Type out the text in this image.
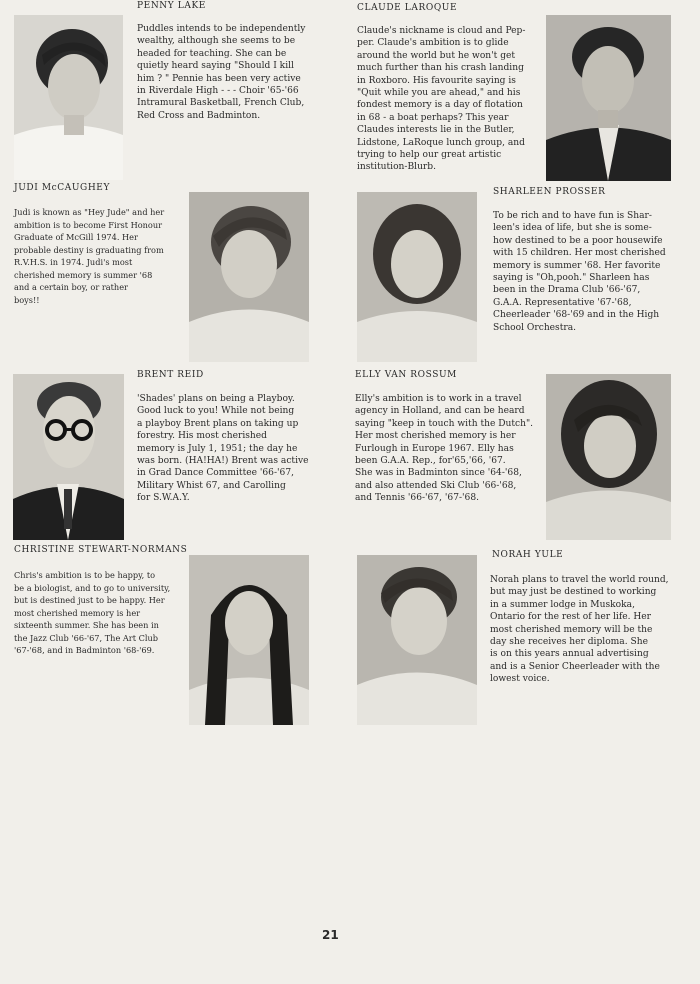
PENNY LAKE

Puddles intends to be independently
wealthy, although she seems to be
headed for teaching. She can be
quietly heard saying "Should I kill
him ? " Pennie has been very active
in Riverdale High - - - Choir '65-'66
Intramural Basketball, French Club,
Red Cross and Badminton.

CLAUDE LAROQUE

Claude's nickname is cloud and Pep-
per. Claude's ambition is to glide
around the world but he won't get
much further than his crash landing
in Roxboro. His favourite saying is
"Quit while you are ahead," and his
fondest memory is a day of flotation
in 68 - a boat perhaps? This year
Claudes interests lie in the Butler,
Lidstone, LaRoque lunch group, and
trying to help our great artistic
institution-Blurb.

JUDI McCAUGHEY

Judi is known as "Hey Jude" and her
ambition is to become First Honour
Graduate of McGill 1974. Her
probable destiny is graduating from
R.V.H.S. in 1974. Judi's most
cherished memory is summer '68
and a certain boy, or rather
boys!!

SHARLEEN PROSSER

To be rich and to have fun is Shar-
leen's idea of life, but she is some-
how destined to be a poor housewife
with 15 children. Her most cherished
memory is summer '68. Her favorite
saying is "Oh,pooh." Sharleen has
been in the Drama Club '66-'67,
G.A.A. Representative '67-'68,
Cheerleader '68-'69 and in the High
School Orchestra.

BRENT REID

'Shades' plans on being a Playboy.
Good luck to you! While not being
a playboy Brent plans on taking up
forestry. His most cherished
memory is July 1, 1951; the day he
was born. (HA!HA!) Brent was active
in Grad Dance Committee '66-'67,
Military Whist 67, and Carolling
for S.W.A.Y.

ELLY VAN ROSSUM

Elly's ambition is to work in a travel
agency in Holland, and can be heard
saying "keep in touch with the Dutch".
Her most cherished memory is her
Furlough in Europe 1967. Elly has
been G.A.A. Rep., for'65,'66, '67.
She was in Badminton since '64-'68,
and also attended Ski Club '66-'68,
and Tennis '66-'67, '67-'68.

CHRISTINE STEWART-NORMANS

Chris's ambition is to be happy, to
be a biologist, and to go to university,
but is destined just to be happy. Her
most cherished memory is her
sixteenth summer. She has been in
the Jazz Club '66-'67, The Art Club
'67-'68, and in Badminton '68-'69.

NORAH YULE

Norah plans to travel the world round,
but may just be destined to working
in a summer lodge in Muskoka,
Ontario for the rest of her life. Her
most cherished memory will be the
day she receives her diploma. She
is on this years annual advertising
and is a Senior Cheerleader with the
lowest voice.

21
